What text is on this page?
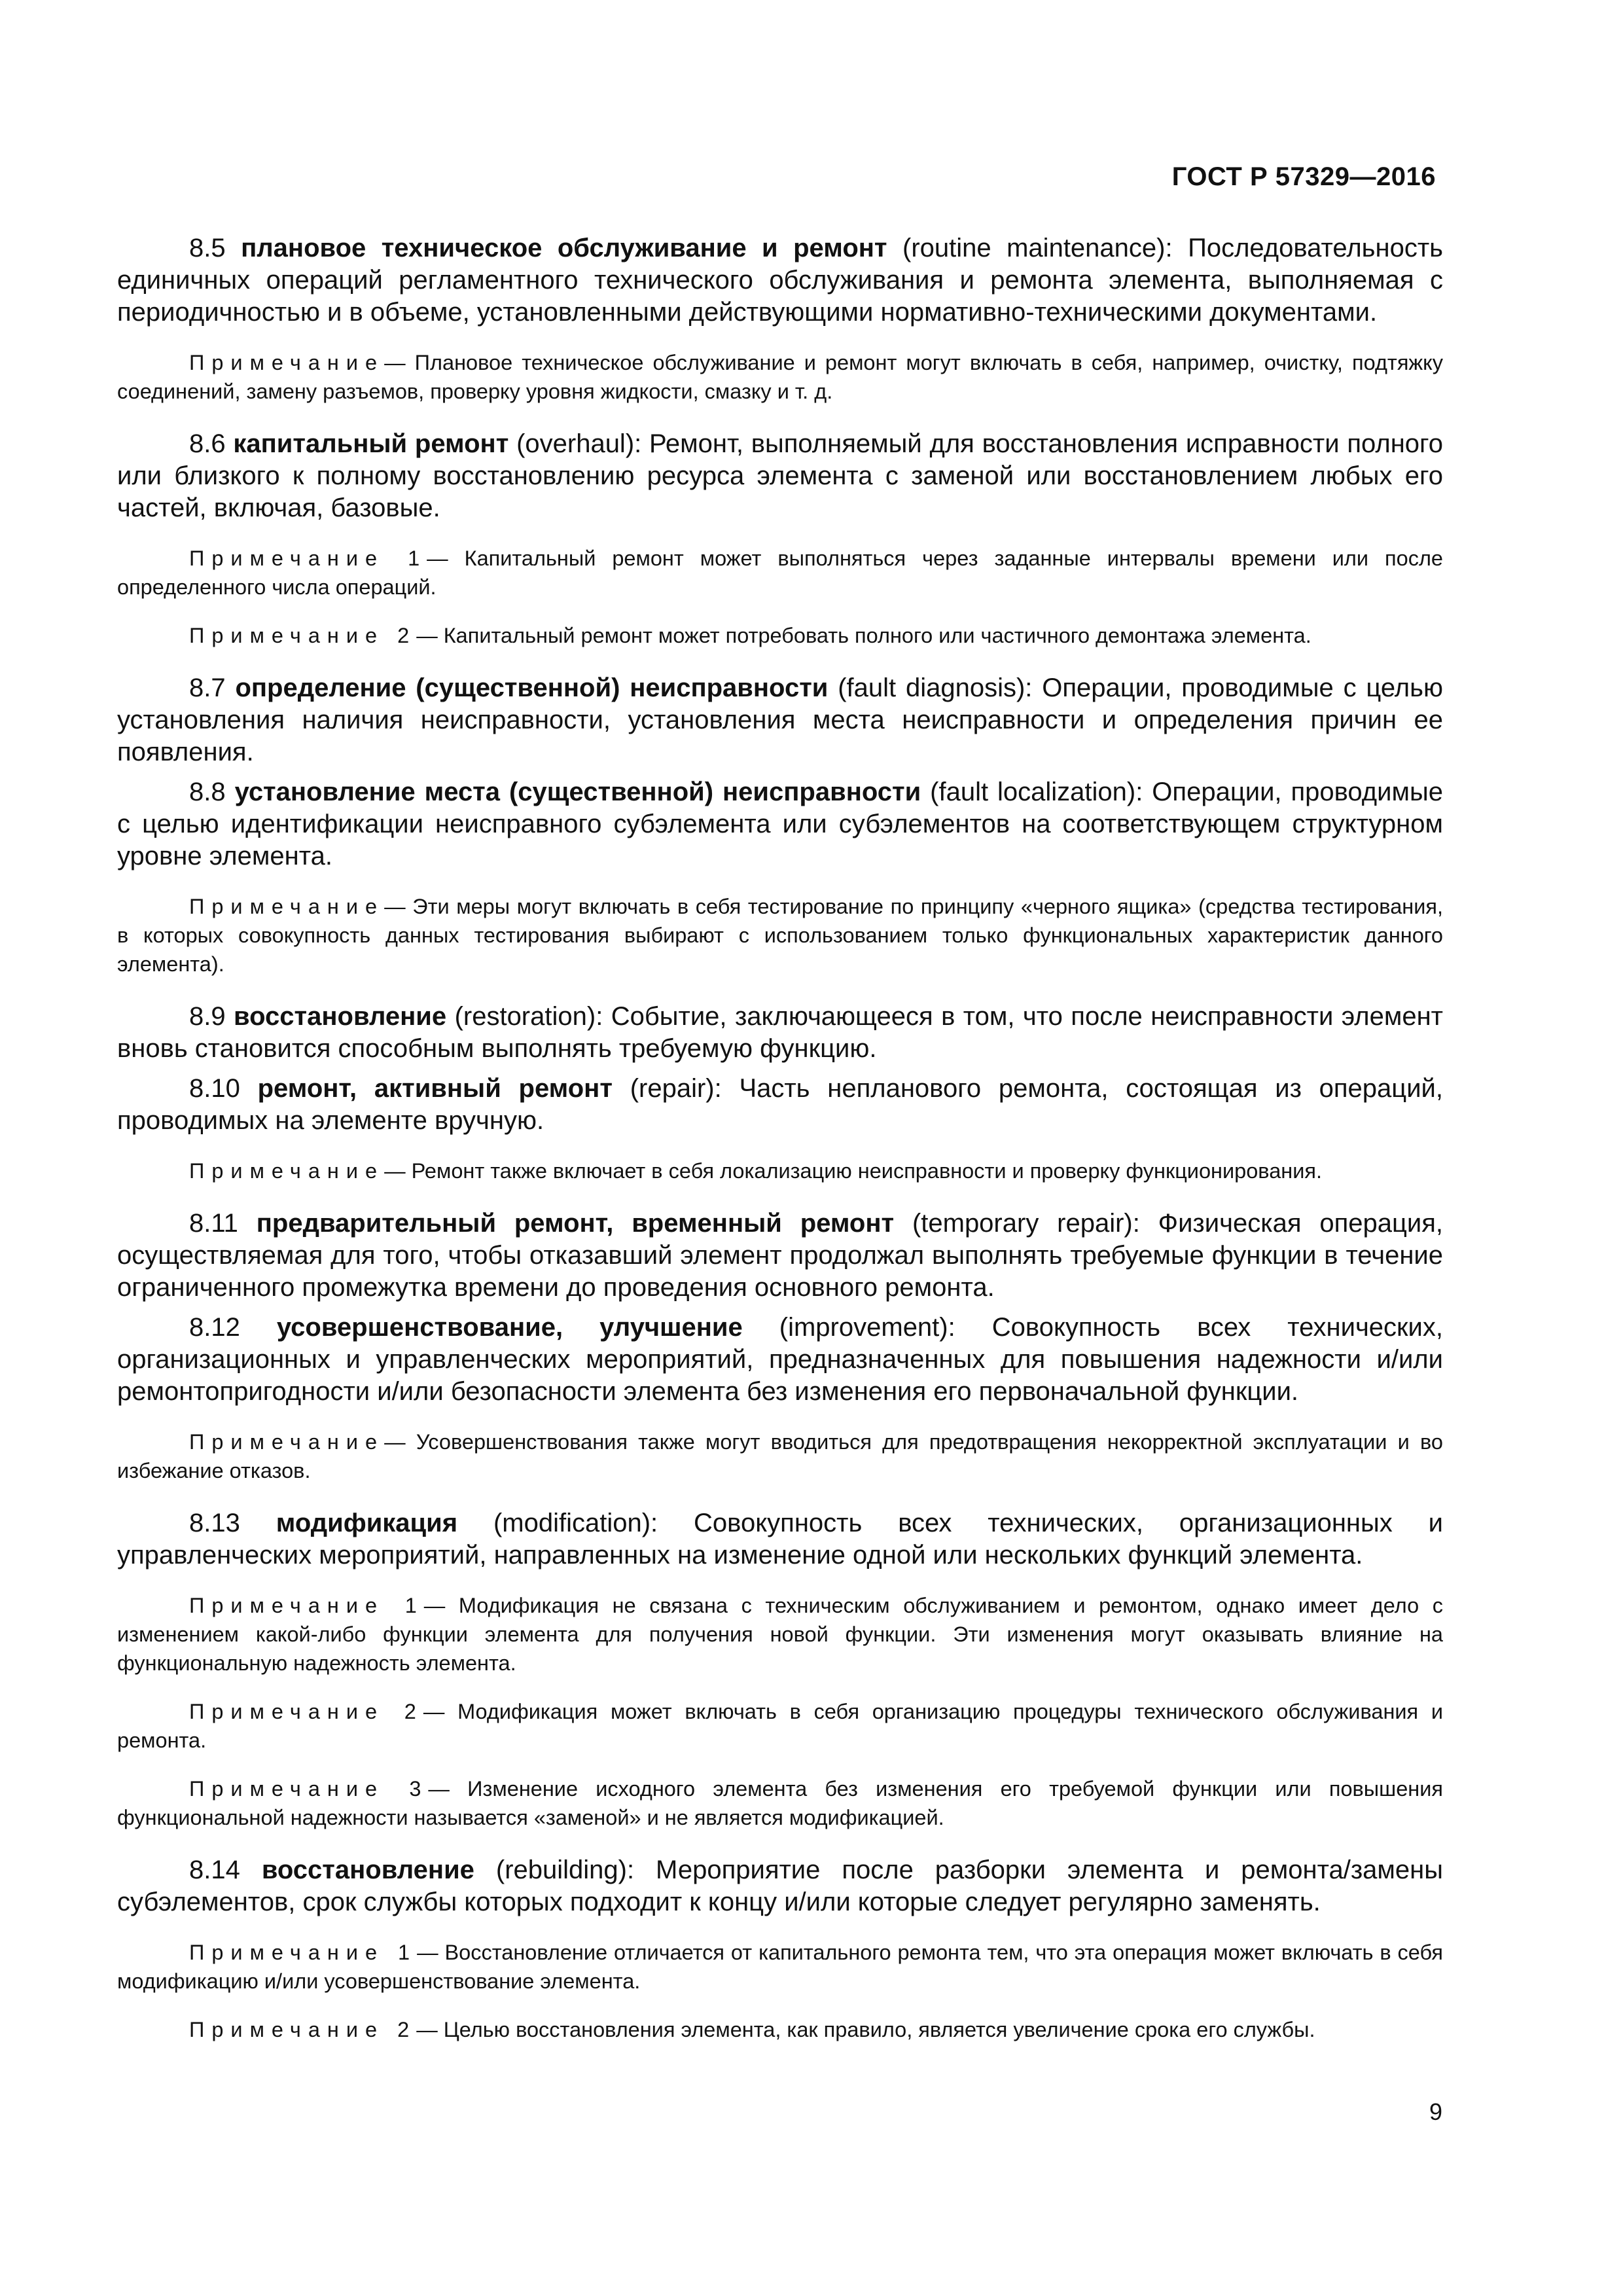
ГОСТ Р 57329—2016

8.5 плановое техническое обслуживание и ремонт (routine maintenance): Последовательность единичных операций регламентного технического обслуживания и ремонта элемента, выполняемая с периодичностью и в объеме, установленными действующими нормативно-техническими документами.

Примечание— Плановое техническое обслуживание и ремонт могут включать в себя, например, очистку, подтяжку соединений, замену разъемов, проверку уровня жидкости, смазку и т. д.

8.6 капитальный ремонт (overhaul): Ремонт, выполняемый для восстановления исправности полного или близкого к полному восстановлению ресурса элемента с заменой или восстановлением любых его частей, включая, базовые.

Примечание 1— Капитальный ремонт может выполняться через заданные интервалы времени или после определенного числа операций.

Примечание 2— Капитальный ремонт может потребовать полного или частичного демонтажа элемента.

8.7 определение (существенной) неисправности (fault diagnosis): Операции, проводимые с целью установления наличия неисправности, установления места неисправности и определения причин ее появления.

8.8 установление места (существенной) неисправности (fault localization): Операции, проводимые с целью идентификации неисправного субэлемента или субэлементов на соответствующем структурном уровне элемента.

Примечание— Эти меры могут включать в себя тестирование по принципу «черного ящика» (средства тестирования, в которых совокупность данных тестирования выбирают с использованием только функциональных характеристик данного элемента).

8.9 восстановление (restoration): Событие, заключающееся в том, что после неисправности элемент вновь становится способным выполнять требуемую функцию.

8.10 ремонт, активный ремонт (repair): Часть непланового ремонта, состоящая из операций, проводимых на элементе вручную.

Примечание— Ремонт также включает в себя локализацию неисправности и проверку функционирования.

8.11 предварительный ремонт, временный ремонт (temporary repair): Физическая операция, осуществляемая для того, чтобы отказавший элемент продолжал выполнять требуемые функции в течение ограниченного промежутка времени до проведения основного ремонта.

8.12 усовершенствование, улучшение (improvement): Совокупность всех технических, организационных и управленческих мероприятий, предназначенных для повышения надежности и/или ремонтопригодности и/или безопасности элемента без изменения его первоначальной функции.

Примечание— Усовершенствования также могут вводиться для предотвращения некорректной эксплуатации и во избежание отказов.

8.13 модификация (modification): Совокупность всех технических, организационных и управленческих мероприятий, направленных на изменение одной или нескольких функций элемента.

Примечание 1— Модификация не связана с техническим обслуживанием и ремонтом, однако имеет дело с изменением какой-либо функции элемента для получения новой функции. Эти изменения могут оказывать влияние на функциональную надежность элемента.

Примечание 2— Модификация может включать в себя организацию процедуры технического обслуживания и ремонта.

Примечание 3— Изменение исходного элемента без изменения его требуемой функции или повышения функциональной надежности называется «заменой» и не является модификацией.

8.14 восстановление (rebuilding): Мероприятие после разборки элемента и ремонта/замены субэлементов, срок службы которых подходит к концу и/или которые следует регулярно заменять.

Примечание 1— Восстановление отличается от капитального ремонта тем, что эта операция может включать в себя модификацию и/или усовершенствование элемента.

Примечание 2— Целью восстановления элемента, как правило, является увеличение срока его службы.

9
